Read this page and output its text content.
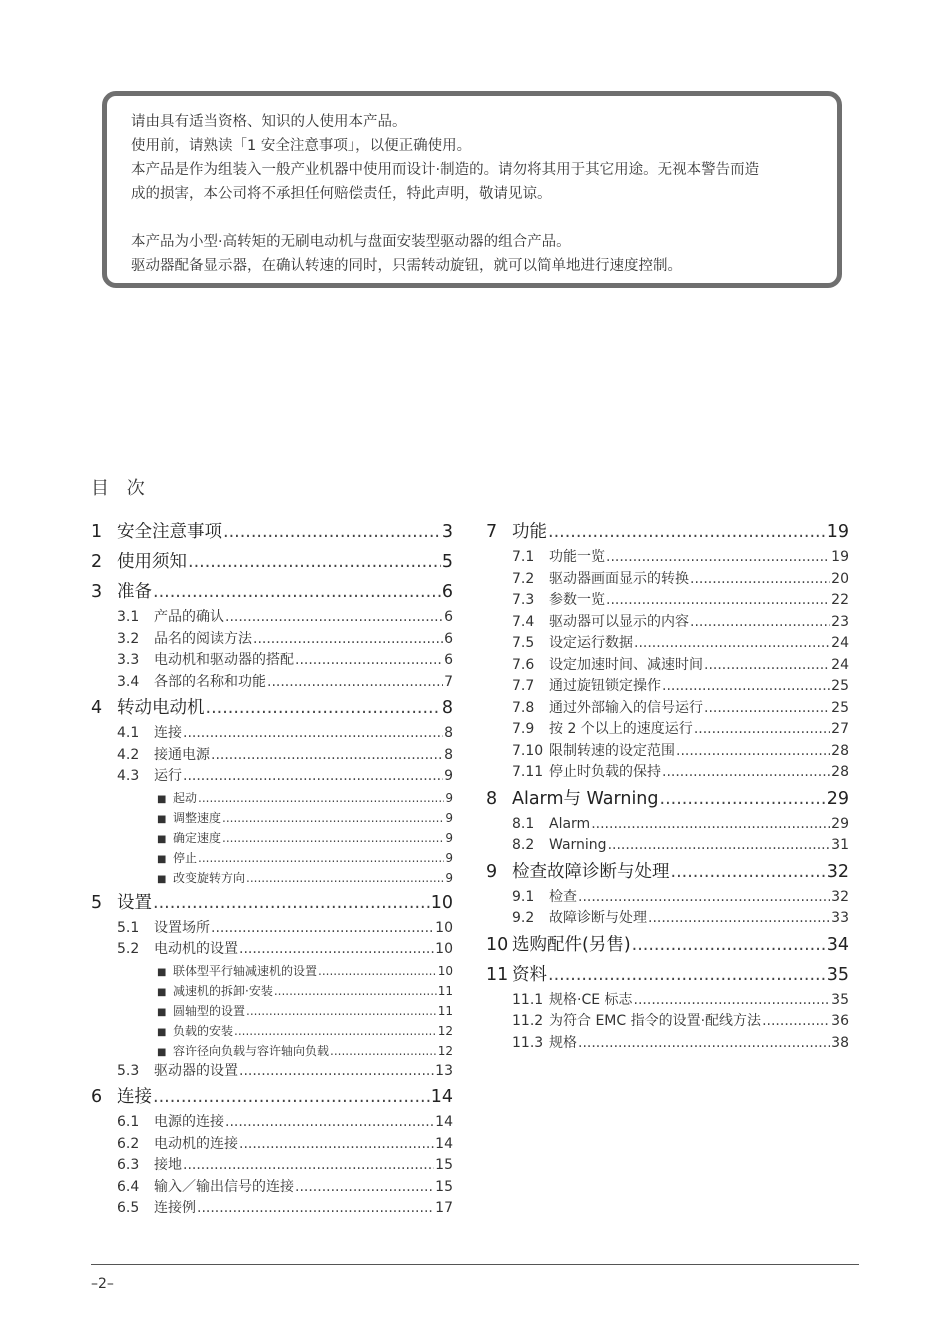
请由具有适当资格、知识的人使用本产品。
使用前，请熟读「1 安全注意事项」，以便正确使用。
本产品是作为组装入一般产业机器中使用而设计·制造的。请勿将其用于其它用途。无视本警告而造
成的损害，本公司将不承担任何赔偿责任，特此声明，敬请见谅。
本产品为小型·高转矩的无刷电动机与盘面安装型驱动器的组合产品。
驱动器配备显示器，在确认转速的同时，只需转动旋钮，就可以简单地进行速度控制。
目 次
1 安全注意事项 .....	3
2 使用须知 .....	5
3 准备 .....	6
3.1	产品的确认 .....	6
3.2	品名的阅读方法 .....	6
3.3	电动机和驱动器的搭配 .....	6
3.4	各部的名称和功能 .....	7
4 转动电动机 .....	8
4.1	连接 .....	8
4.2	接通电源 .....	8
4.3	运行 .....	9
■ 起动 .....	9
■ 调整速度 .....	9
■ 确定速度 .....	9
■ 停止 .....	9
■ 改变旋转方向 .....	9
5 设置 .....	10
5.1	设置场所 .....	10
5.2	电动机的设置 .....	10
■ 联体型平行轴减速机的设置 .....	10
■ 减速机的拆卸·安装 .....	11
■ 圆轴型的设置 .....	11
■ 负载的安装 .....	12
■ 容许径向负载与容许轴向负载 .....	12
5.3	驱动器的设置 .....	13
6 连接 .....	14
6.1	电源的连接 .....	14
6.2	电动机的连接 .....	14
6.3	接地 .....	15
6.4	输入／输出信号的连接 .....	15
6.5	连接例 .....	17
7 功能 .....	19
7.1	功能一览 .....	19
7.2	驱动器画面显示的转换 .....	20
7.3	参数一览 .....	22
7.4	驱动器可以显示的内容 .....	23
7.5	设定运行数据 .....	24
7.6	设定加速时间、减速时间 .....	24
7.7	通过旋钮锁定操作 .....	25
7.8	通过外部输入的信号运行 .....	25
7.9	按 2 个以上的速度运行 .....	27
7.10 限制转速的设定范围 .....	28
7.11 停止时负载的保持 .....	28
8 Alarm与 Warning .....	29
8.1	Alarm .....	29
8.2	Warning .....	31
9 检查故障诊断与处理 .....	32
9.1	检查 .....	32
9.2	故障诊断与处理 .....	33
10 选购配件(另售) .....	34
11 资料 .....	35
11.1 规格·CE 标志 .....	35
11.2 为符合 EMC 指令的设置·配线方法 .....	36
11.3 规格 .....	38
–2–
